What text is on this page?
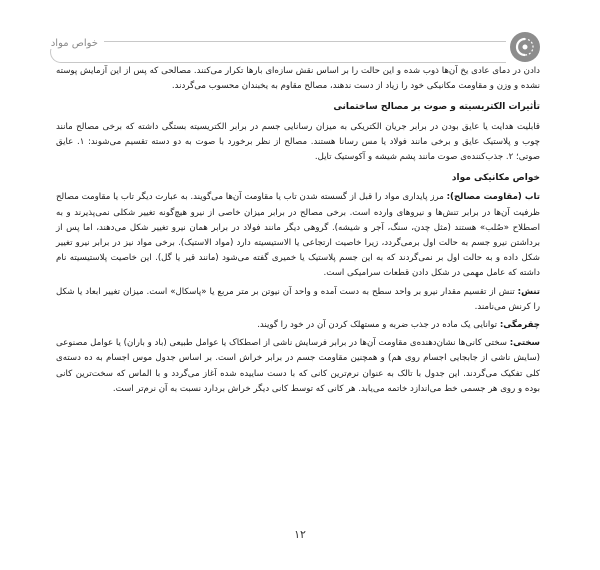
خواص مواد

دادن در دمای عادی یخ آن‌ها ذوب شده و این حالت را بر اساس نقش سازه‌ای بارها تکرار می‌کنند. مصالحی که پس از این آزمایش پوسته نشده و وزن و مقاومت مکانیکی خود را زیاد از دست ندهند، مصالح مقاوم به یخبندان محسوب می‌گردند.

تأثیرات الکتریسیته و صوت بر مصالح ساختمانی

قابلیت هدایت یا عایق بودن در برابر جریان الکتریکی به میزان رسانایی جسم در برابر الکتریسیته بستگی داشته که برخی مصالح مانند چوب و پلاستیک عایق و برخی مانند فولاد یا مس رسانا هستند. مصالح از نظر برخورد با صوت به دو دسته تقسیم می‌شوند: ۱. عایق صوتی؛ ۲. جذب‌کننده‌ی صوت مانند پشم شیشه و آکوستیک تایل.

خواص مکانیکی مواد

تاب (مقاومت مصالح): مرز پایداری مواد را قبل از گسسته شدن تاب یا مقاومت آن‌ها می‌گویند. به عبارت دیگر تاب یا مقاومت مصالح ظرفیت آن‌ها در برابر تنش‌ها و نیروهای وارده است. برخی مصالح در برابر میزان خاصی از نیرو هیچ‌گونه تغییر شکلی نمی‌پذیرند و به اصطلاح «صُلب» هستند (مثل چدن، سنگ، آجر و شیشه). گروهی دیگر مانند فولاد در برابر همان نیرو تغییر شکل می‌دهند، اما پس از برداشتن نیرو جسم به حالت اول برمی‌گردد، زیرا خاصیت ارتجاعی یا الاستیسیته دارد (مواد الاستیک). برخی مواد نیز در برابر نیرو تغییر شکل داده و به حالت اول بر نمی‌گردند که به این جسم پلاستیک یا خمیری گفته می‌شود (مانند قیر یا گل). این خاصیت پلاستیسیته نام داشته که عامل مهمی در شکل دادن قطعات سرامیکی است.

تنش: تنش از تقسیم مقدار نیرو بر واحد سطح به دست آمده و واحد آن نیوتن بر متر مربع یا «پاسکال» است. میزان تغییر ابعاد یا شکل را کرنش می‌نامند.

چقرمگی: توانایی یک ماده در جذب ضربه و مستهلک کردن آن در خود را گویند.

سختی: سختی کانی‌ها نشان‌دهنده‌ی مقاومت آن‌ها در برابر فرسایش ناشی از اصطکاک یا عوامل طبیعی (باد و باران) یا عوامل مصنوعی (سایش ناشی از جابجایی اجسام روی هم) و همچنین مقاومت جسم در برابر خراش است. بر اساس جدول موس اجسام به ده دسته‌ی کلی تفکیک می‌گردند. این جدول با تالک به عنوان نرم‌ترین کانی که با دست ساییده شده آغاز می‌گردد و با الماس که سخت‌ترین کانی بوده و روی هر جسمی خط می‌اندازد خاتمه می‌یابد. هر کانی که توسط کانی دیگر خراش بردارد نسبت به آن نرم‌تر است.

۱۲
